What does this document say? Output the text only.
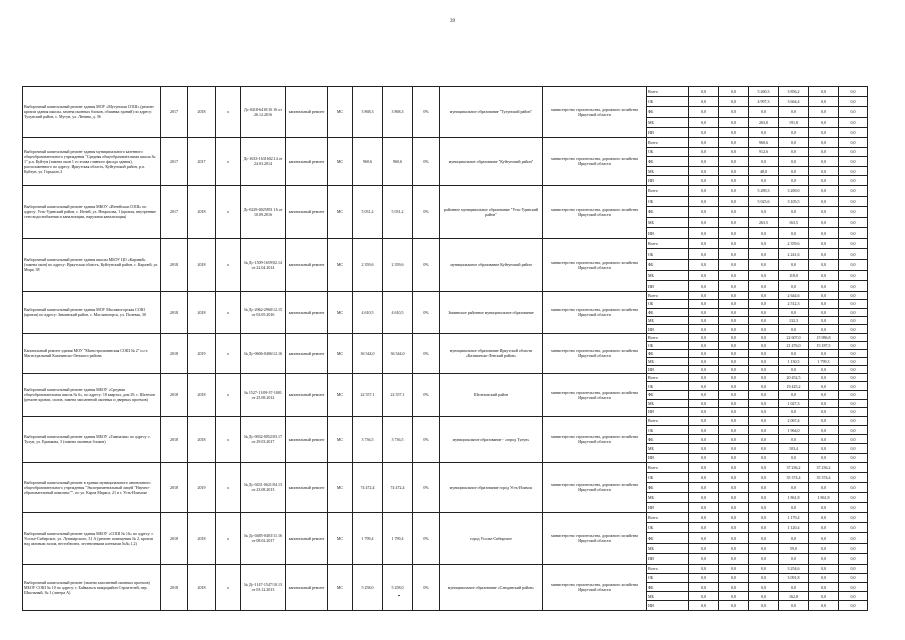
39
Выборочный капитальный ремонт здания МОУ «Мугунская СОШ» (ремонт кровли здания школы, замена оконных блоков, обшивка зданий) по адресу: Тулунский район, с. Мугун, ул. Ленина, д. 36	2017	2018	х	Дс-0418-6410/16 16 от 26.12.2016	капитальный ремонт	МС	3 868,3	3 868,3	0%	муниципальное образование "Тулунский район"	министерство строительства, дорожного хозяйства Иркутской области	Всего	0,0	0,0	5 260,3	3 856,2	0,0	0,0
												ОБ	0,0	0,0	4 997,3	3 664,4	0,0	0,0
												ФБ	0,0	0,0	0,0	0,0	0,0	0,0
												МБ	0,0	0,0	263,0	191,8	0,0	0,0
												ИИ	0,0	0,0	0,0	0,0	0,0	0,0
Выборочный капитальный ремонт здания муниципального казенного общеобразовательного учреждения "Средняя общеобразовательная школа № 1" р.п. Куйтун (замена окон 1 го этажа главного фасада здания), расположенного по адресу: Иркутская область, Куйтунский район, р.п. Куйтун, ул. Горького,3	2017	2017	х	Дс-1633-1631602.14 от 24.03.2014	капитальный ремонт	МС	960,6	960,6	0%	муниципальное образование "Куйтунский район"	министерство строительства, дорожного хозяйства Иркутской области	Всего	0,0	0,0	960,6	0,0	0,0	0,0
												ОБ	0,0	0,0	912,6	0,0	0,0	0,0
												ФБ	0,0	0,0	0,0	0,0	0,0	0,0
												МБ	0,0	0,0	48,0	0,0	0,0	0,0
												ИИ	0,0	0,0	0,0	0,0	0,0	0,0
Выборочный капитальный ремонт здания МКОУ «Игнейская СОШ» по адресу: Усть-Удинский район, с. Игней, ул. Некрасова, 1 (кровля, внутренние сети водоснабжения и канализации, наружная канализация)	2017	2018	х	Дс-0229-0025851 16 от 10.09.2016	капитальный ремонт	МС	5 031,2	5 031,2	0%	районное муниципальное образование "Усть-Удинский район"	министерство строительства, дорожного хозяйства Иркутской области	Всего	0,0	0,0	5 289,3	3 269,0	0,0	0,0
												ОБ	0,0	0,0	5 025,6	3 105,5	0,0	0,0
												ФБ	0,0	0,0	0,0	0,0	0,0	0,0
												МБ	0,0	0,0	263,5	163,5	0,0	0,0
												ИИ	0,0	0,0	0,0	0,0	0,0	0,0
Выборочный капитальный ремонт здания школы МБОУ ЦО «Каравай» (замена окон) по адресу: Иркутская область, Куйтунский район, с. Каразей, ул. Мира, 38	2018	2018	х	№ Дс-1509-1659/02.14 от 22.04.2014	капитальный ремонт	МС	2 359,6	2 359,6	0%	муниципальное образование Куйтунский район	министерство строительства, дорожного хозяйства Иркутской области	Всего	0,0	0,0	0,0	2 359,6	0,0	0,0
												ОБ	0,0	0,0	0,0	2 241,6	0,0	0,0
												ФБ	0,0	0,0	0,0	0,0	0,0	0,0
												МБ	0,0	0,0	0,0	118,0	0,0	0,0
												ИИ	0,0	0,0	0,0	0,0	0,0	0,0
Выборочный капитальный ремонт здания МОУ Масляногорская СОШ (кровля) по адресу: Зиминский район, с. Масляногорск, ул. Полевая, 30	2018	2018	х	№ Дс-2062-2960/12.15 от 03.05.2016	капитальный ремонт	МС	4 610,5	4 610,5	0%	Зиминское районное муниципальное образование	министерство строительства, дорожного хозяйства Иркутской области	Всего	0,0	0,0	0,0	2 644,6	0,0	0,0
												ОБ	0,0	0,0	0,0	2 512,3	0,0	0,0
												ФБ	0,0	0,0	0,0	0,0	0,0	0,0
												МБ	0,0	0,0	0,0	132,3	0,0	0,0
												ИИ	0,0	0,0	0,0	0,0	0,0	0,0
Капитальный ремонт здания МОУ "Магистральнинская СОШ № 2" п.г.т. Магистральный Казачинско-Ленского района	2018	2019	х	№ Дс-0606-0406/12.16	капитальный ремонт	МС	36 544,0	36 544,0	0%	муниципальное образование Иркутской области «Казачинско-Ленский район»	министерство строительства, дорожного хозяйства Иркутской области	Всего	0,0	0,0	0,0	22 607,0	15 986,8	0,0
												ОБ	0,0	0,0	0,0	21 476,0	15 187,5	0,0
												ФБ	0,0	0,0	0,0	0,0	0,0	0,0
												МБ	0,0	0,0	0,0	1 130,5	1 799,3	0,0
												ИИ	0,0	0,0	0,0	0,0	0,0	0,0
Выборочный капитальный ремонт здания МБОУ «Средняя общеобразовательная школа № 6», по адресу: 18 квартал, дом 29, г. Шелехов (ремонт кровли, полов, замена заполнений оконных и дверных проемов)	2018	2018	х	№ 1527-11/09-37-1001 от 25.08.2012	капитальный ремонт	МС	22 557,1	22 557,1	0%	Шелеховский район	министерство строительства, дорожного хозяйства Иркутской области	Всего	0,0	0,0	0,0	20 452,5	0,0	0,0
												ОБ	0,0	0,0	0,0	19 425,2	0,0	0,0
												ФБ	0,0	0,0	0,0	0,0	0,0	0,0
												МБ	0,0	0,0	0,0	1 027,3	0,0	0,0
												ИИ	0,0	0,0	0,0	0,0	0,0	0,0
Выборочный капитальный ремонт здания МБОУ «Гимназия» по адресу: г. Тулун, ул. Ермакова, 3 (замена оконных блоков)	2018	2018	х	№ Дс-0032-0052/03.17 от 29.03.2017	капитальный ремонт	МС	3 736,5	3 736,5	0%	муниципальное образование - «город Тулун»	министерство строительства, дорожного хозяйства Иркутской области	Всего	0,0	0,0	0,0	2 067,4	0,0	0,0
												ОБ	0,0	0,0	0,0	1 964,0	0,0	0,0
												ФБ	0,0	0,0	0,0	0,0	0,0	0,0
												МБ	0,0	0,0	0,0	103,4	0,0	0,0
												ИИ	0,0	0,0	0,0	0,0	0,0	0,0
Выборочный капитальный ремонт в здании муниципального автономного общеобразовательного учреждения "Экспериментальный лицей "Научно-образовательный комплекс"", по ул. Карла Маркса, 21 в г. Усть-Илимске	2018	2019	х	№ Дс-0431-0621/04.13 от 23.08.2013	капитальный ремонт	МС	74 472,4	74 472,4	0%	муниципальное образование город Усть-Илимск	министерство строительства, дорожного хозяйства Иркутской области	Всего	0,0	0,0	0,0	37 236,2	37 236,2	0,0
												ОБ	0,0	0,0	0,0	35 374,4	35 374,4	0,0
												ФБ	0,0	0,0	0,0	0,0	0,0	0,0
												МБ	0,0	0,0	0,0	1 861,8	1 861,8	0,0
												ИИ	0,0	0,0	0,0	0,0	0,0	0,0
Выборочный капитальный ремонт здания МБОУ «СОШ № 16» по адресу: г. Усолье-Сибирское, ул. Луначарского, 31 А (ремонт помещения № 2, кровли над актовым залом, вестибюлем, лестничными клетками №№ 1,2)	2018	2018	х	№ Дс-0485-0403/11.16 от 08.02.2017	капитальный ремонт	МС	1 799,4	1 799,4	0%	город Усолье-Сибирское	министерство строительства, дорожного хозяйства Иркутской области	Всего	0,0	0,0	0,0	1 179,4	0,0	0,0
												ОБ	0,0	0,0	0,0	1 120,4	0,0	0,0
												ФБ	0,0	0,0	0,0	0,0	0,0	0,0
												МБ	0,0	0,0	0,0	59,0	0,0	0,0
												ИИ	0,0	0,0	0,0	0,0	0,0	0,0
Выборочный капитальный ремонт (замена заполнений оконных проемов) МБОУ СОШ № 10 по адресу: г. Байкальск микрорайон Строителей, пер. Школьный, № 1 (литера А)	2018	2018	х	№ Дс-1147-1547/10.13 от 03.12.2013	капитальный ремонт	МС	5 258,0	5 258,0	0%	муниципальное образование «Слюдянский район»	министерство строительства, дорожного хозяйства Иркутской области	Всего	0,0	0,0	0,0	3 254,6	0,0	0,0
												ОБ	0,0	0,0	0,0	3 091,8	0,0	0,0
												ФБ	0,0	0,0	0,0	0,0	0,0	0,0
												МБ	0,0	0,0	0,0	162,8	0,0	0,0
												ИИ	0,0	0,0	0,0	0,0	0,0	0,0
